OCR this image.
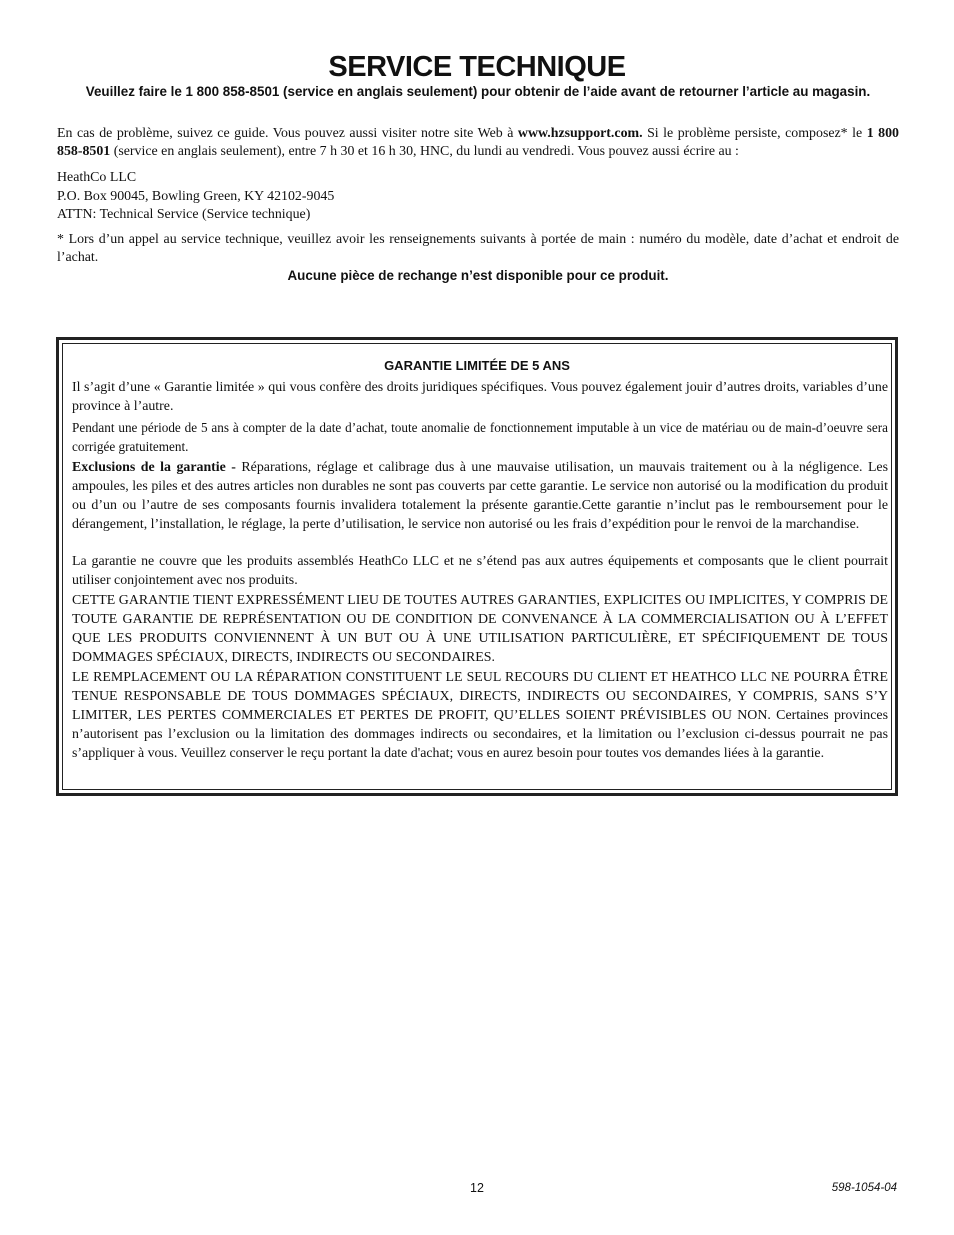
SERVICE TECHNIQUE
Veuillez faire le 1 800 858-8501 (service en anglais seulement) pour obtenir de l’aide avant de retourner l’article au magasin.
En cas de problème, suivez ce guide. Vous pouvez aussi visiter notre site Web à www.hzsupport.com. Si le problème persiste, composez* le 1 800 858-8501 (service en anglais seulement), entre 7 h 30 et 16 h 30, HNC, du lundi au vendredi. Vous pouvez aussi écrire au :
HeathCo LLC
P.O. Box 90045, Bowling Green, KY 42102-9045
ATTN: Technical Service (Service technique)
* Lors d’un appel au service technique, veuillez avoir les renseignements suivants à portée de main : numéro du modèle, date d’achat et endroit de l’achat.
Aucune pièce de rechange n’est disponible pour ce produit.
GARANTIE LIMITÉE DE 5 ANS
Il s’agit d’une « Garantie limitée » qui vous confère des droits juridiques spécifiques. Vous pouvez également jouir d’autres droits, variables d’une province à l’autre.
Pendant une période de 5 ans à compter de la date d’achat, toute anomalie de fonctionnement imputable à un vice de matériau ou de main-d’oeuvre sera corrigée gratuitement.
Exclusions de la garantie - Réparations, réglage et calibrage dus à une mauvaise utilisation, un mauvais traitement ou à la négligence. Les ampoules, les piles et des autres articles non durables ne sont pas couverts par cette garantie. Le service non autorisé ou la modification du produit ou d’un ou l’autre de ses composants fournis invalidera totalement la présente garantie.Cette garantie n’inclut pas le remboursement pour le dérangement, l’installation, le réglage, la perte d’utilisation, le service non autorisé ou les frais d’expédition pour le renvoi de la marchandise.
La garantie ne couvre que les produits assemblés HeathCo LLC et ne s’étend pas aux autres équipements et composants que le client pourrait utiliser conjointement avec nos produits.
CETTE GARANTIE TIENT EXPRESSÉMENT LIEU DE TOUTES AUTRES GARANTIES, EXPLICITES OU IMPLICITES, Y COMPRIS DE TOUTE GARANTIE DE REPRÉSENTATION OU DE CONDITION DE CONVENANCE À LA COMMERCIALISATION OU À L’EFFET QUE LES PRODUITS CONVIENNENT À UN BUT OU À UNE UTILISATION PARTICULIÈRE, ET SPÉCIFIQUEMENT DE TOUS DOMMAGES SPÉCIAUX, DIRECTS, INDIRECTS OU SECONDAIRES.
LE REMPLACEMENT OU LA RÉPARATION CONSTITUENT LE SEUL RECOURS DU CLIENT ET HEATHCO LLC NE POURRA ÊTRE TENUE RESPONSABLE DE TOUS DOMMAGES SPÉCIAUX, DIRECTS, INDIRECTS OU SECONDAIRES, Y COMPRIS, SANS S’Y LIMITER, LES PERTES COMMERCIALES ET PERTES DE PROFIT, QU’ELLES SOIENT PRÉVISIBLES OU NON. Certaines provinces n’autorisent pas l’exclusion ou la limitation des dommages indirects ou secondaires, et la limitation ou l’exclusion ci-dessus pourrait ne pas s’appliquer à vous. Veuillez conserver le reçu portant la date d'achat; vous en aurez besoin pour toutes vos demandes liées à la garantie.
12	598-1054-04
